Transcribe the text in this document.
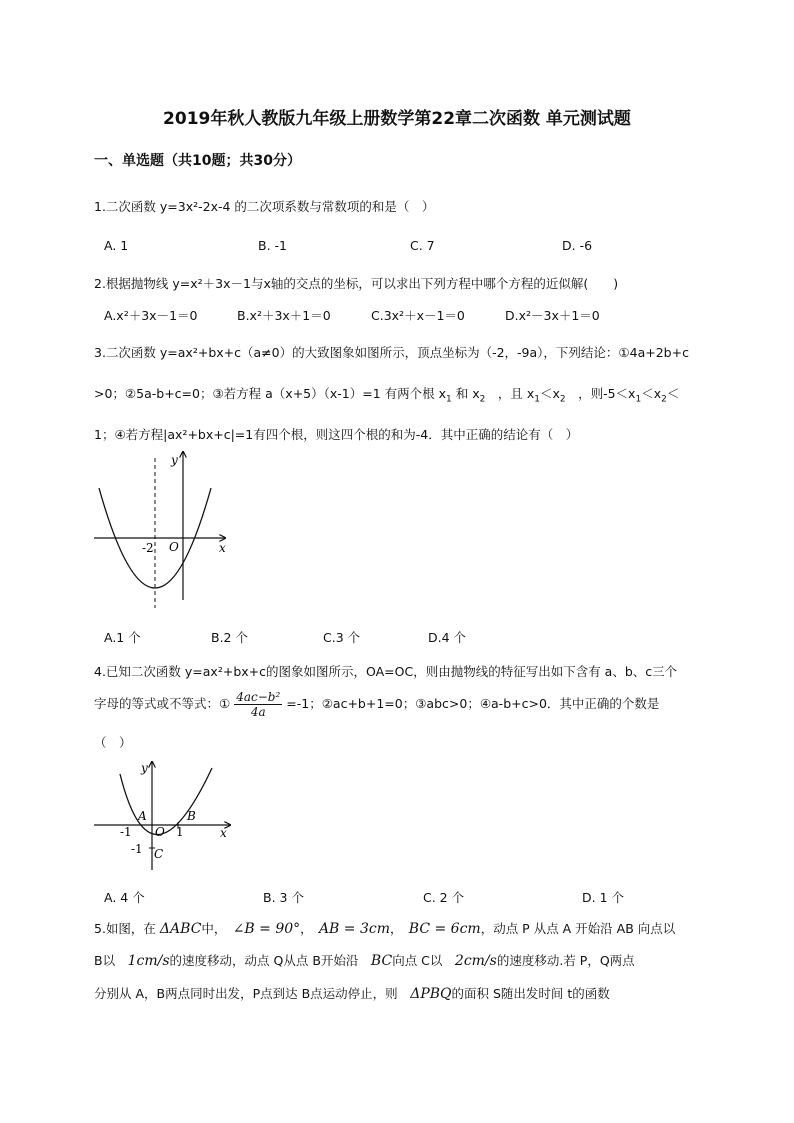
2019年秋人教版九年级上册数学第22章二次函数 单元测试题
一、单选题（共10题；共30分）
1.二次函数 y=3x²-2x-4 的二次项系数与常数项的和是（　）
A. 1	B. -1	C. 7	D. -6
2.根据抛物线 y=x²＋3x－1与x轴的交点的坐标，可以求出下列方程中哪个方程的近似解(　　)
A.x²＋3x－1＝0	B.x²＋3x＋1＝0	C.3x²＋x－1＝0	D.x²－3x＋1＝0
3.二次函数 y=ax²+bx+c（a≠0）的大致图象如图所示，顶点坐标为（-2，-9a），下列结论：①4a+2b+c
>0；②5a-b+c=0；③若方程 a（x+5）（x-1）=1 有两个根 $x_1$ 和 $x_2$　，且 $x_1<x_2$　，则$-5<x_1<x_2<$
1；④若方程|ax²+bx+c|=1有四个根，则这四个根的和为-4．其中正确的结论有（　）
-2 O	x
y
A.1 个	B.2 个	C.3 个	D.4 个
4.已知二次函数 y=ax²+bx+c的图象如图所示，OA=OC，则由抛物线的特征写出如下含有 a、b、c三个
字母的等式或不等式：① $\frac{\text{4ac−b²}}{4a} =-1$；②ac+b+1=0；③abc>0；④a-b+c>0．其中正确的个数是
（　）
-1	1
-1
O	x
y
A	B
C
A. 4 个	B. 3 个	C. 2 个	D. 1 个
5.如图，在 ΔABC中，　 ∠B = 90°，　 AB = 3cm，　 BC = 6cm，动点 P 从点 A 开始沿 AB 向点以
B以　 1cm/s的速度移动，动点 Q从点 B开始沿　 BC向点 C以　 2cm/s的速度移动.若 P，Q两点
分别从 A，B两点同时出发，P点到达 B点运动停止，则　 ΔPBQ的面积 S随出发时间 t的函数
